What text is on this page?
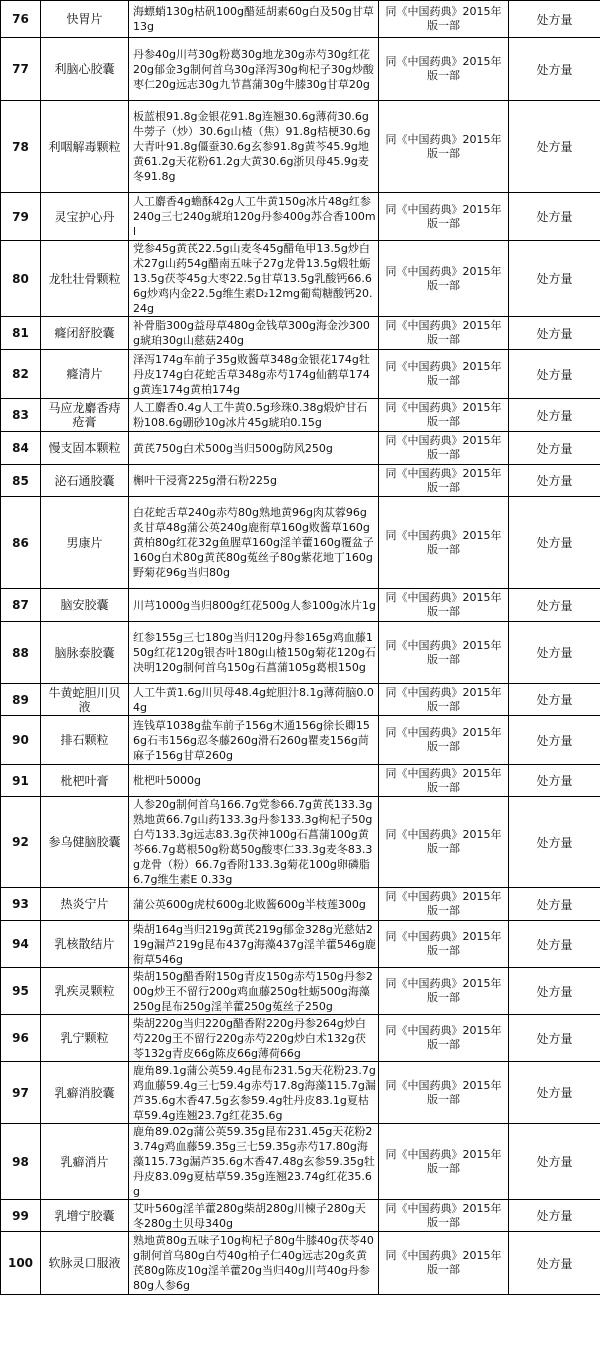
76	快胃片	海螵蛸130g枯矾100g醋延胡素60g白及50g甘草13g	同《中国药典》2015年版一部	处方量
77	利脑心胶囊	丹参40g川芎30g粉葛30g地龙30g赤芍30g红花20g郁金3g制何首乌30g泽泻30g枸杞子30g炒酸枣仁20g远志30g九节菖蒲30g牛膝30g甘草20g	同《中国药典》2015年版一部	处方量
78	利咽解毒颗粒	板蓝根91.8g金银花91.8g连翘30.6g薄荷30.6g牛蒡子（炒）30.6g山楂（焦）91.8g桔梗30.6g大青叶91.8g僵蚕30.6g玄参91.8g黄芩45.9g地黄61.2g天花粉61.2g大黄30.6g浙贝母45.9g麦冬91.8g	同《中国药典》2015年版一部	处方量
79	灵宝护心丹	人工麝香4g蟾酥42g人工牛黄150g冰片48g红参240g三七240g琥珀120g丹参400g苏合香100ml	同《中国药典》2015年版一部	处方量
80	龙牡壮骨颗粒	党参45g黄芪22.5g山麦冬45g醋龟甲13.5g炒白术27g山药54g醋南五味子27g龙骨13.5g煅牡蛎13.5g茯苓45g大枣22.5g甘草13.5g乳酸钙66.66g炒鸡内金22.5g维生素D₂12mg葡萄糖酸钙20.24g	同《中国药典》2015年版一部	处方量
81	癃闭舒胶囊	补骨脂300g益母草480g金钱草300g海金沙300g琥珀30g山慈菇240g	同《中国药典》2015年版一部	处方量
82	癃清片	泽泻174g车前子35g败酱草348g金银花174g牡丹皮174g白花蛇舌草348g赤芍174g仙鹤草174g黄连174g黄柏174g	同《中国药典》2015年版一部	处方量
83	马应龙麝香痔疮膏	人工麝香0.4g人工牛黄0.5g珍珠0.38g煅炉甘石粉108.6g硼砂10g冰片45g琥珀0.15g	同《中国药典》2015年版一部	处方量
84	慢支固本颗粒	黄芪750g白术500g当归500g防风250g	同《中国药典》2015年版一部	处方量
85	泌石通胶囊	槲叶干浸膏225g滑石粉225g	同《中国药典》2015年版一部	处方量
86	男康片	白花蛇舌草240g赤芍80g熟地黄96g肉苁蓉96g炙甘草48g蒲公英240g鹿衔草160g败酱草160g黄柏80g红花32g鱼腥草160g淫羊藿160g覆盆子160g白术80g黄芪80g菟丝子80g紫花地丁160g野菊花96g当归80g	同《中国药典》2015年版一部	处方量
87	脑安胶囊	川芎1000g当归800g红花500g人参100g冰片1g	同《中国药典》2015年版一部	处方量
88	脑脉泰胶囊	红参155g三七180g当归120g丹参165g鸡血藤150g红花120g银杏叶180g山楂150g菊花120g石决明120g制何首乌150g石菖蒲105g葛根150g	同《中国药典》2015年版一部	处方量
89	牛黄蛇胆川贝液	人工牛黄1.6g川贝母48.4g蛇胆汁8.1g薄荷脑0.04g	同《中国药典》2015年版一部	处方量
90	排石颗粒	连钱草1038g盐车前子156g木通156g徐长卿156g石韦156g忍冬藤260g滑石260g瞿麦156g苘麻子156g甘草260g	同《中国药典》2015年版一部	处方量
91	枇杷叶膏	枇杷叶5000g	同《中国药典》2015年版一部	处方量
92	参乌健脑胶囊	人参20g制何首乌166.7g党参66.7g黄芪133.3g熟地黄66.7g山药133.3g丹参133.3g枸杞子50g白芍133.3g远志83.3g茯神100g石菖蒲100g黄芩66.7g葛根50g粉葛50g酸枣仁33.3g麦冬83.3g龙骨（粉）66.7g香附133.3g菊花100g卵磷脂6.7g维生素E 0.33g	同《中国药典》2015年版一部	处方量
93	热炎宁片	蒲公英600g虎杖600g北败酱600g半枝莲300g	同《中国药典》2015年版一部	处方量
94	乳核散结片	柴胡164g当归219g黄芪219g郁金328g光慈姑219g漏芦219g昆布437g海藻437g淫羊藿546g鹿衔草546g	同《中国药典》2015年版一部	处方量
95	乳疾灵颗粒	柴胡150g醋香附150g青皮150g赤芍150g丹参200g炒王不留行200g鸡血藤250g牡蛎500g海藻250g昆布250g淫羊藿250g菟丝子250g	同《中国药典》2015年版一部	处方量
96	乳宁颗粒	柴胡220g当归220g醋香附220g丹参264g炒白芍220g王不留行220g赤芍220g炒白术132g茯苓132g青皮66g陈皮66g薄荷66g	同《中国药典》2015年版一部	处方量
97	乳癖消胶囊	鹿角89.1g蒲公英59.4g昆布231.5g天花粉23.7g鸡血藤59.4g三七59.4g赤芍17.8g海藻115.7g漏芦35.6g木香47.5g玄参59.4g牡丹皮83.1g夏枯草59.4g连翘23.7g红花35.6g	同《中国药典》2015年版一部	处方量
98	乳癖消片	鹿角89.02g蒲公英59.35g昆布231.45g天花粉23.74g鸡血藤59.35g三七59.35g赤芍17.80g海藻115.73g漏芦35.6g木香47.48g玄参59.35g牡丹皮83.09g夏枯草59.35g连翘23.74g红花35.6g	同《中国药典》2015年版一部	处方量
99	乳增宁胶囊	艾叶560g淫羊藿280g柴胡280g川楝子280g天冬280g土贝母340g	同《中国药典》2015年版一部	处方量
100	软脉灵口服液	熟地黄80g五味子10g枸杞子80g牛膝40g茯苓40g制何首乌80g白芍40g柏子仁40g远志20g炙黄芪80g陈皮10g淫羊藿20g当归40g川芎40g丹参80g人参6g	同《中国药典》2015年版一部	处方量
